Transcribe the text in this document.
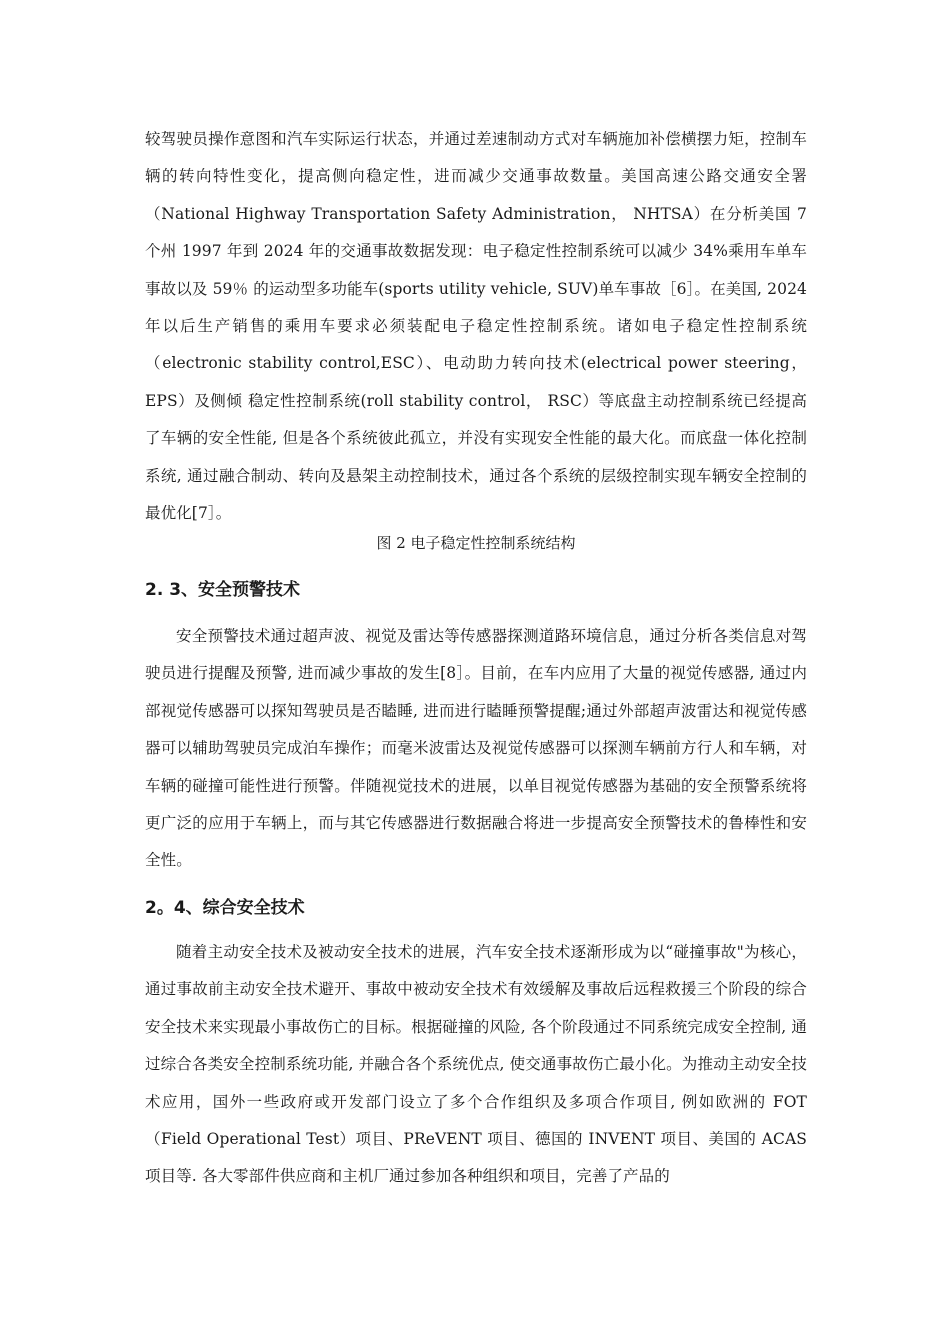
较驾驶员操作意图和汽车实际运行状态，并通过差速制动方式对车辆施加补偿横摆力矩，控制车辆的转向特性变化，提高侧向稳定性，进而减少交通事故数量。美国高速公路交通安全署 （National Highway Transportation Safety Administration， NHTSA）在分析美国 7 个州 1997 年到 2024 年的交通事故数据发现：电子稳定性控制系统可以减少 34%乘用车单车事故以及 59％ 的运动型多功能车(sports utility vehicle, SUV)单车事故［6］。在美国, 2024 年以后生产销售的乘用车要求必须装配电子稳定性控制系统。诸如电子稳定性控制系统（electronic stability control,ESC）、电动助力转向技术(electrical power steering， EPS）及侧倾 稳定性控制系统(roll stability control， RSC）等底盘主动控制系统已经提高了车辆的安全性能, 但是各个系统彼此孤立，并没有实现安全性能的最大化。而底盘一体化控制系统, 通过融合制动、转向及悬架主动控制技术，通过各个系统的层级控制实现车辆安全控制的最优化[7］。

图 2 电子稳定性控制系统结构
2. 3、安全预警技术

安全预警技术通过超声波、视觉及雷达等传感器探测道路环境信息，通过分析各类信息对驾驶员进行提醒及预警, 进而减少事故的发生[8］。目前，在车内应用了大量的视觉传感器, 通过内部视觉传感器可以探知驾驶员是否瞌睡, 进而进行瞌睡预警提醒;通过外部超声波雷达和视觉传感器可以辅助驾驶员完成泊车操作；而毫米波雷达及视觉传感器可以探测车辆前方行人和车辆，对车辆的碰撞可能性进行预警。伴随视觉技术的进展，以单目视觉传感器为基础的安全预警系统将更广泛的应用于车辆上，而与其它传感器进行数据融合将进一步提高安全预警技术的鲁棒性和安全性。

2。4、综合安全技术

随着主动安全技术及被动安全技术的进展，汽车安全技术逐渐形成为以“碰撞事故"为核心，通过事故前主动安全技术避开、事故中被动安全技术有效缓解及事故后远程救援三个阶段的综合安全技术来实现最小事故伤亡的目标。根据碰撞的风险, 各个阶段通过不同系统完成安全控制, 通过综合各类安全控制系统功能, 并融合各个系统优点, 使交通事故伤亡最小化。为推动主动安全技术应用，国外一些政府或开发部门设立了多个合作组织及多项合作项目, 例如欧洲的 FOT（Field Operational Test）项目、PReVENT 项目、德国的 INVENT 项目、美国的 ACAS 项目等. 各大零部件供应商和主机厂通过参加各种组织和项目，完善了产品的
